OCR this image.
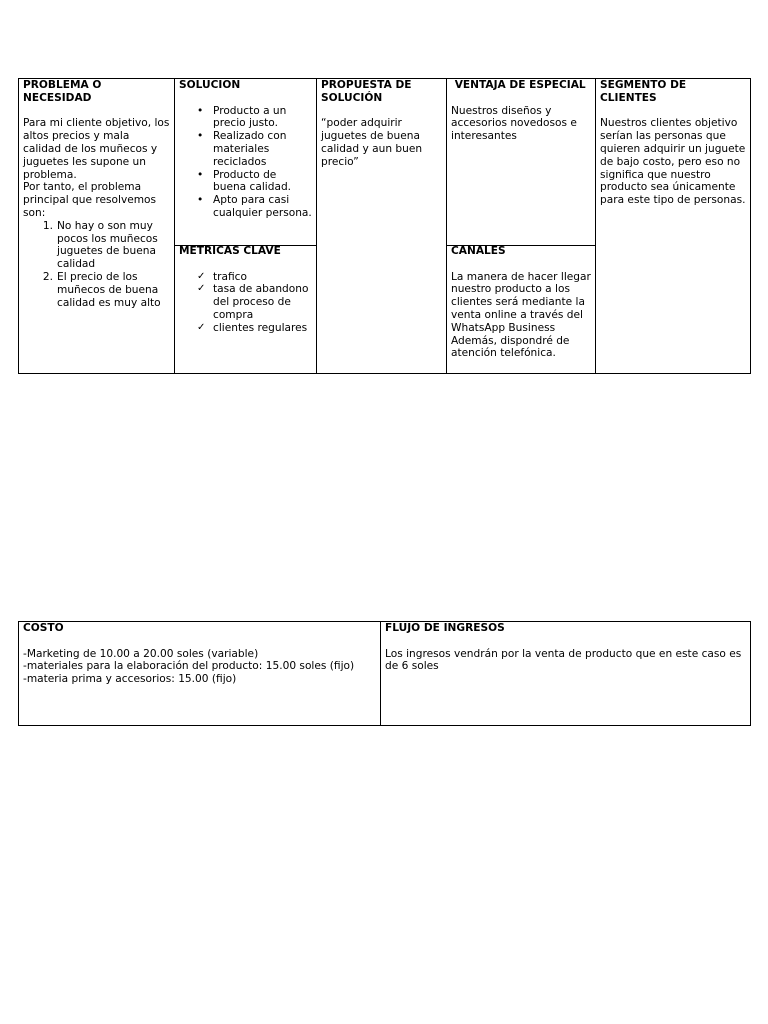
PROBLEMA O NECESIDAD

Para mi cliente objetivo, los altos precios y mala calidad de los muñecos y juguetes les supone un problema.

Por tanto, el problema principal que resolvemos son:

1. No hay o son muy pocos los muñecos juguetes de buena calidad
2. El precio de los muñecos de buena calidad es muy alto

SOLUCION

• Producto a un precio justo.
• Realizado con materiales reciclados
• Producto de buena calidad.
• Apto para casi cualquier persona.

METRICAS CLAVE

✓ trafico
✓ tasa de abandono del proceso de compra
✓ clientes regulares

PROPUESTA DE SOLUCIÓN

“poder adquirir juguetes de buena calidad y aun buen precio”

VENTAJA DE ESPECIAL

Nuestros diseños y accesorios novedosos e interesantes

CANALES

La manera de hacer llegar nuestro producto a los clientes será mediante la venta online a través del WhatsApp Business

Además, dispondré de atención telefónica.

SEGMENTO DE CLIENTES

Nuestros clientes objetivo serían las personas que quieren adquirir un juguete de bajo costo, pero eso no significa que nuestro producto sea únicamente para este tipo de personas.

COSTO

-Marketing de 10.00 a 20.00 soles (variable)

-materiales para la elaboración del producto: 15.00 soles (fijo)

-materia prima y accesorios: 15.00 (fijo)

FLUJO DE INGRESOS

Los ingresos vendrán por la venta de producto que en este caso es de 6 soles
